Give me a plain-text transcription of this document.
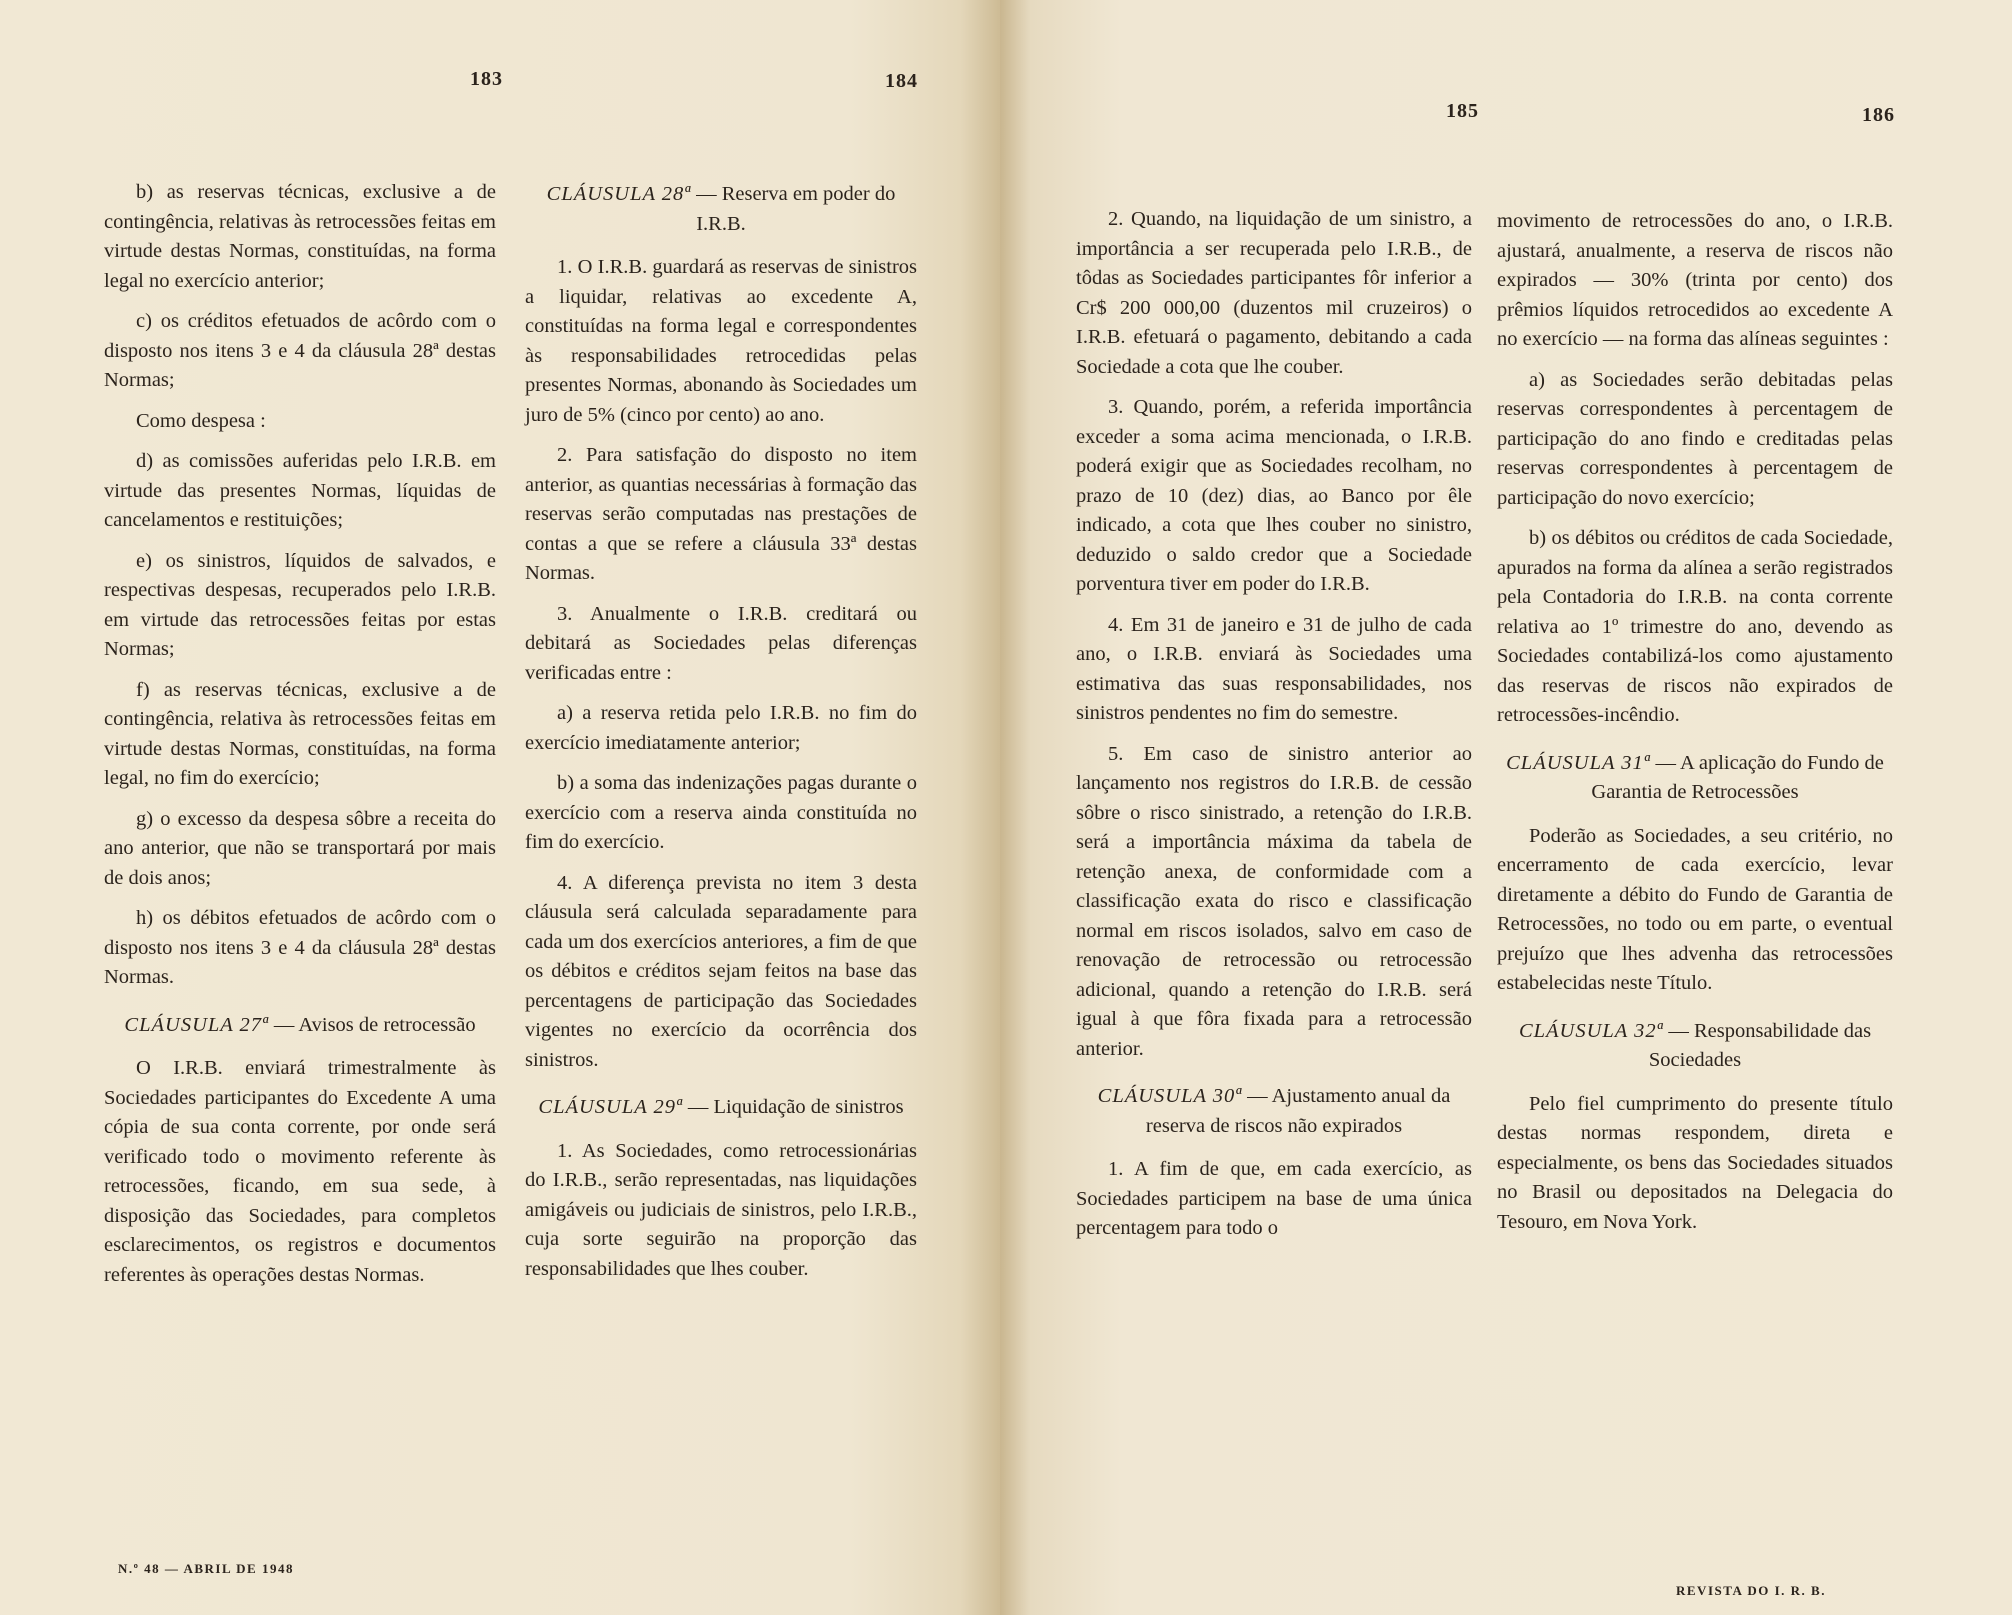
183	184

b) as reservas técnicas, exclusive a de contingência, relativas às retrocessões feitas em virtude destas Normas, constituídas, na forma legal no exercício anterior;

c) os créditos efetuados de acôrdo com o disposto nos itens 3 e 4 da cláusula 28ª destas Normas;

Como despesa :

d) as comissões auferidas pelo I.R.B. em virtude das presentes Normas, líquidas de cancelamentos e restituições;

e) os sinistros, líquidos de salvados, e respectivas despesas, recuperados pelo I.R.B. em virtude das retrocessões feitas por estas Normas;

f) as reservas técnicas, exclusive a de contingência, relativa às retrocessões feitas em virtude destas Normas, constituídas, na forma legal, no fim do exercício;

g) o excesso da despesa sôbre a receita do ano anterior, que não se transportará por mais de dois anos;

h) os débitos efetuados de acôrdo com o disposto nos itens 3 e 4 da cláusula 28ª destas Normas.

CLÁUSULA 27ª — Avisos de retrocessão

O I.R.B. enviará trimestralmente às Sociedades participantes do Excedente A uma cópia de sua conta corrente, por onde será verificado todo o movimento referente às retrocessões, ficando, em sua sede, à disposição das Sociedades, para completos esclarecimentos, os registros e documentos referentes às operações destas Normas.

CLÁUSULA 28ª — Reserva em poder do I.R.B.

1. O I.R.B. guardará as reservas de sinistros a liquidar, relativas ao excedente A, constituídas na forma legal e correspondentes às responsabilidades retrocedidas pelas presentes Normas, abonando às Sociedades um juro de 5% (cinco por cento) ao ano.

2. Para satisfação do disposto no item anterior, as quantias necessárias à formação das reservas serão computadas nas prestações de contas a que se refere a cláusula 33ª destas Normas.

3. Anualmente o I.R.B. creditará ou debitará as Sociedades pelas diferenças verificadas entre :

a) a reserva retida pelo I.R.B. no fim do exercício imediatamente anterior;

b) a soma das indenizações pagas durante o exercício com a reserva ainda constituída no fim do exercício.

4. A diferença prevista no item 3 desta cláusula será calculada separadamente para cada um dos exercícios anteriores, a fim de que os débitos e créditos sejam feitos na base das percentagens de participação das Sociedades vigentes no exercício da ocorrência dos sinistros.

CLÁUSULA 29ª — Liquidação de sinistros

1. As Sociedades, como retrocessionárias do I.R.B., serão representadas, nas liquidações amigáveis ou judiciais de sinistros, pelo I.R.B., cuja sorte seguirão na proporção das responsabilidades que lhes couber.

N.º 48 — ABRIL DE 1948
185	186

2. Quando, na liquidação de um sinistro, a importância a ser recuperada pelo I.R.B., de tôdas as Sociedades participantes fôr inferior a Cr$ 200 000,00 (duzentos mil cruzeiros) o I.R.B. efetuará o pagamento, debitando a cada Sociedade a cota que lhe couber.

3. Quando, porém, a referida importância exceder a soma acima mencionada, o I.R.B. poderá exigir que as Sociedades recolham, no prazo de 10 (dez) dias, ao Banco por êle indicado, a cota que lhes couber no sinistro, deduzido o saldo credor que a Sociedade porventura tiver em poder do I.R.B.

4. Em 31 de janeiro e 31 de julho de cada ano, o I.R.B. enviará às Sociedades uma estimativa das suas responsabilidades, nos sinistros pendentes no fim do semestre.

5. Em caso de sinistro anterior ao lançamento nos registros do I.R.B. de cessão sôbre o risco sinistrado, a retenção do I.R.B. será a importância máxima da tabela de retenção anexa, de conformidade com a classificação exata do risco e classificação normal em riscos isolados, salvo em caso de renovação de retrocessão ou retrocessão adicional, quando a retenção do I.R.B. será igual à que fôra fixada para a retrocessão anterior.

CLÁUSULA 30ª — Ajustamento anual da reserva de riscos não expirados

1. A fim de que, em cada exercício, as Sociedades participem na base de uma única percentagem para todo o

movimento de retrocessões do ano, o I.R.B. ajustará, anualmente, a reserva de riscos não expirados — 30% (trinta por cento) dos prêmios líquidos retrocedidos ao excedente A no exercício — na forma das alíneas seguintes :

a) as Sociedades serão debitadas pelas reservas correspondentes à percentagem de participação do ano findo e creditadas pelas reservas correspondentes à percentagem de participação do novo exercício;

b) os débitos ou créditos de cada Sociedade, apurados na forma da alínea a serão registrados pela Contadoria do I.R.B. na conta corrente relativa ao 1º trimestre do ano, devendo as Sociedades contabilizá-los como ajustamento das reservas de riscos não expirados de retrocessões-incêndio.

CLÁUSULA 31ª — A aplicação do Fundo de Garantia de Retrocessões

Poderão as Sociedades, a seu critério, no encerramento de cada exercício, levar diretamente a débito do Fundo de Garantia de Retrocessões, no todo ou em parte, o eventual prejuízo que lhes advenha das retrocessões estabelecidas neste Título.

CLÁUSULA 32ª — Responsabilidade das Sociedades

Pelo fiel cumprimento do presente título destas normas respondem, direta e especialmente, os bens das Sociedades situados no Brasil ou depositados na Delegacia do Tesouro, em Nova York.

REVISTA DO I. R. B.
